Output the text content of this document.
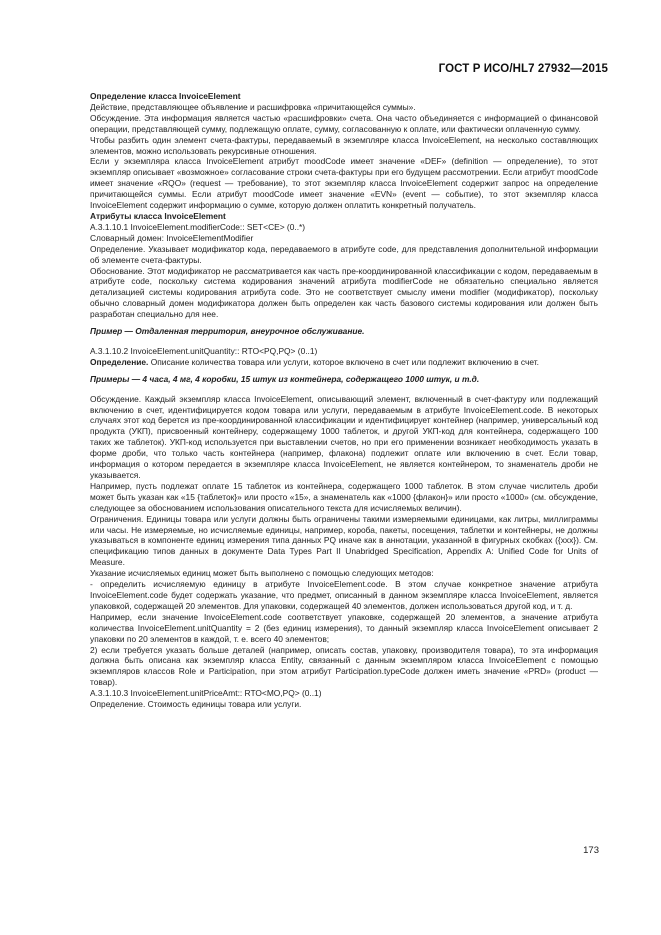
ГОСТ Р ИСО/HL7 27932—2015

Определение класса InvoiceElement

Действие, представляющее объявление и расшифровка «причитающейся суммы».

Обсуждение. Эта информация является частью «расшифровки» счета. Она часто объединяется с информацией о финансовой операции, представляющей сумму, подлежащую оплате, сумму, согласованную к оплате, или фактически оплаченную сумму.

Чтобы разбить один элемент счета-фактуры, передаваемый в экземпляре класса InvoiceElement, на несколько составляющих элементов, можно использовать рекурсивные отношения.

Если у экземпляра класса InvoiceElement атрибут moodCode имеет значение «DEF» (definition — определение), то этот экземпляр описывает «возможное» согласование строки счета-фактуры при его будущем рассмотрении. Если атрибут moodCode имеет значение «RQO» (request — требование), то этот экземпляр класса InvoiceElement содержит запрос на определение причитающейся суммы. Если атрибут moodCode имеет значение «EVN» (event — событие), то этот экземпляр класса InvoiceElement содержит информацию о сумме, которую должен оплатить конкретный получатель.

Атрибуты класса InvoiceElement

А.3.1.10.1 InvoiceElement.modifierCode:: SET<CE> (0..*)

Словарный домен: InvoiceElementModifier

Определение. Указывает модификатор кода, передаваемого в атрибуте code, для представления дополнительной информации об элементе счета-фактуры.

Обоснование. Этот модификатор не рассматривается как часть пре-координированной классификации с кодом, передаваемым в атрибуте code, поскольку система кодирования значений атрибута modifierCode не обязательно специально является детализацией системы кодирования атрибута code. Это не соответствует смыслу имени modifier (модификатор), поскольку обычно словарный домен модификатора должен быть определен как часть базового системы кодирования или должен быть разработан специально для нее.

Пример — Отдаленная территория, внеурочное обслуживание.

А.3.1.10.2 InvoiceElement.unitQuantity:: RTO<PQ,PQ> (0..1)

Определение. Описание количества товара или услуги, которое включено в счет или подлежит включению в счет.

Примеры — 4 часа, 4 мг, 4 коробки, 15 штук из контейнера, содержащего 1000 штук, и т.д.

Обсуждение. Каждый экземпляр класса InvoiceElement, описывающий элемент, включенный в счет-фактуру или подлежащий включению в счет, идентифицируется кодом товара или услуги, передаваемым в атрибуте InvoiceElement.code. В некоторых случаях этот код берется из пре-координированной классификации и идентифицирует контейнер (например, универсальный код продукта (УКП), присвоенный контейнеру, содержащему 1000 таблеток, и другой УКП-код для контейнера, содержащего 100 таких же таблеток). УКП-код используется при выставлении счетов, но при его применении возникает необходимость указать в форме дроби, что только часть контейнера (например, флакона) подлежит оплате или включению в счет. Если товар, информация о котором передается в экземпляре класса InvoiceElement, не является контейнером, то знаменатель дроби не указывается.

Например, пусть подлежат оплате 15 таблеток из контейнера, содержащего 1000 таблеток. В этом случае числитель дроби может быть указан как «15 {таблеток}» или просто «15», а знаменатель как «1000 {флакон}» или просто «1000» (см. обсуждение, следующее за обоснованием использования описательного текста для исчисляемых величин).

Ограничения. Единицы товара или услуги должны быть ограничены такими измеряемыми единицами, как литры, миллиграммы или часы. Не измеряемые, но исчисляемые единицы, например, короба, пакеты, посещения, таблетки и контейнеры, не должны указываться в компоненте единиц измерения типа данных PQ иначе как в аннотации, указанной в фигурных скобках ({ххх}). См. спецификацию типов данных в документе Data Types Part II Unabridged Specification, Appendix A: Unified Code for Units of Measure.

Указание исчисляемых единиц может быть выполнено с помощью следующих методов:

- определить исчисляемую единицу в атрибуте InvoiceElement.code. В этом случае конкретное значение атрибута InvoiceElement.code будет содержать указание, что предмет, описанный в данном экземпляре класса InvoiceElement, является упаковкой, содержащей 20 элементов. Для упаковки, содержащей 40 элементов, должен использоваться другой код, и т. д.

Например, если значение InvoiceElement.code соответствует упаковке, содержащей 20 элементов, а значение атрибута количества InvoiceElement.unitQuantity = 2 (без единиц измерения), то данный экземпляр класса InvoiceElement описывает 2 упаковки по 20 элементов в каждой, т. е. всего 40 элементов;

2) если требуется указать больше деталей (например, описать состав, упаковку, производителя товара), то эта информация должна быть описана как экземпляр класса Entity, связанный с данным экземпляром класса InvoiceElement с помощью экземпляров классов Role и Participation, при этом атрибут Participation.typeCode должен иметь значение «PRD» (product — товар).

А.3.1.10.3 InvoiceElement.unitPriceAmt:: RTO<MO,PQ> (0..1)

Определение. Стоимость единицы товара или услуги.

173
